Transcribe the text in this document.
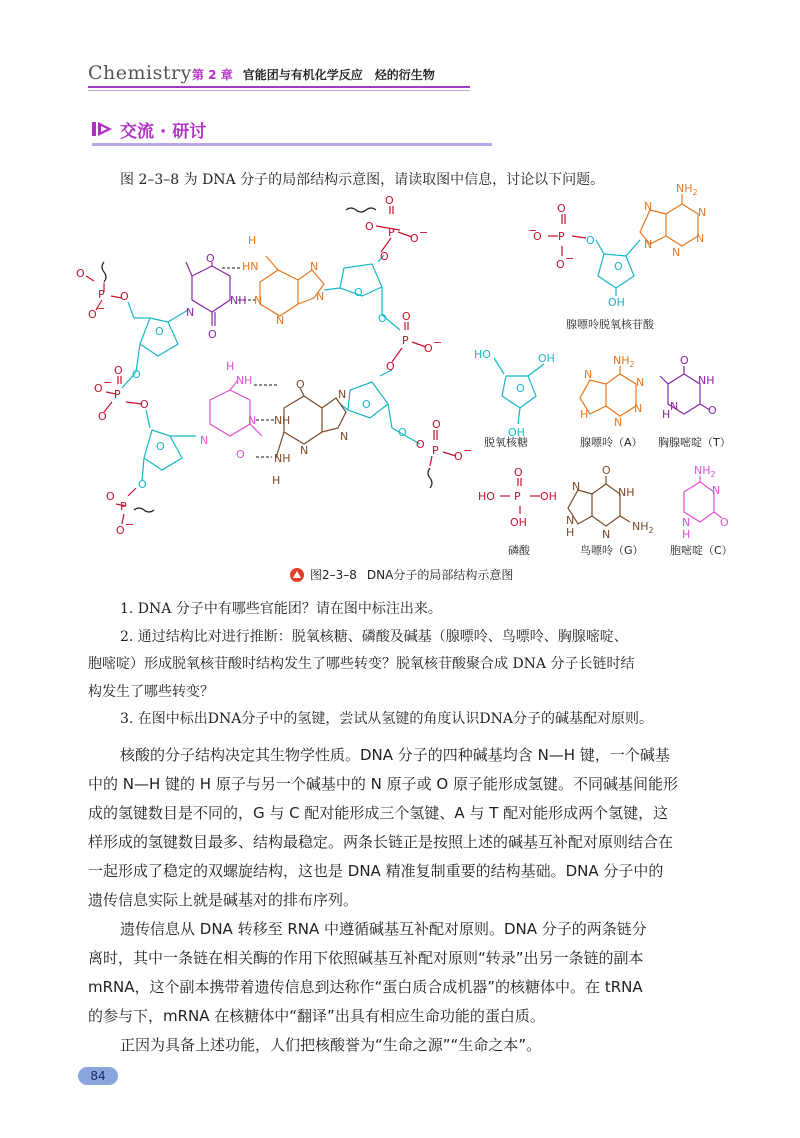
Chemistry 第 2 章 官能团与有机化学反应 烃的衍生物
交流 · 研讨
图 2–3–8 为 DNA 分子的局部结构示意图，请读取图中信息，讨论以下问题。
O
P O −
O
O
O
P O
O −
O
O
O
O
O
O
O
O
O
P
O −
O
O
P
O −
O
O
O
P O −
O
P
O
O −
O
NH
N
O
H
HN
N
N
N
N
H
N H
N
N
O
O
N H
N
N
N
NH
H
O
O
− P
O −
O
O
OH
N
N	N
N
N
$NH_2$
HO
O
OH
OH
$NH_2$
N
N
N
N
H
O
NH
O
H
N
O
HO P OH
OH
O
NH
N
$NH_2$
N
N
H
$NH_2$
N
O
N
H
腺嘌呤脱氧核苷酸
脱氧核糖	腺嘌呤（A） 胸腺嘧啶（T）
磷酸	鸟嘌呤（G） 胞嘧啶（C）
图2–3–8 DNA分子的局部结构示意图
1. DNA 分子中有哪些官能团？请在图中标注出来。
2. 通过结构比对进行推断：脱氧核糖、磷酸及碱基（腺嘌呤、鸟嘌呤、胸腺嘧啶、
胞嘧啶）形成脱氧核苷酸时结构发生了哪些转变？脱氧核苷酸聚合成 DNA 分子长链时结
构发生了哪些转变？
3. 在图中标出DNA分子中的氢键，尝试从氢键的角度认识DNA分子的碱基配对原则。
核酸的分子结构决定其生物学性质。DNA 分子的四种碱基均含 N—H 键，一个碱基
中的 N—H 键的 H 原子与另一个碱基中的 N 原子或 O 原子能形成氢键。不同碱基间能形
成的氢键数目是不同的，G 与 C 配对能形成三个氢键、A 与 T 配对能形成两个氢键，这
样形成的氢键数目最多、结构最稳定。两条长链正是按照上述的碱基互补配对原则结合在
一起形成了稳定的双螺旋结构，这也是 DNA 精准复制重要的结构基础。DNA 分子中的
遗传信息实际上就是碱基对的排布序列。
遗传信息从 DNA 转移至 RNA 中遵循碱基互补配对原则。DNA 分子的两条链分
离时，其中一条链在相关酶的作用下依照碱基互补配对原则“转录”出另一条链的副本
mRNA，这个副本携带着遗传信息到达称作“蛋白质合成机器”的核糖体中。在 tRNA
的参与下，mRNA 在核糖体中“翻译”出具有相应生命功能的蛋白质。
正因为具备上述功能，人们把核酸誉为“生命之源”“生命之本”。
84
